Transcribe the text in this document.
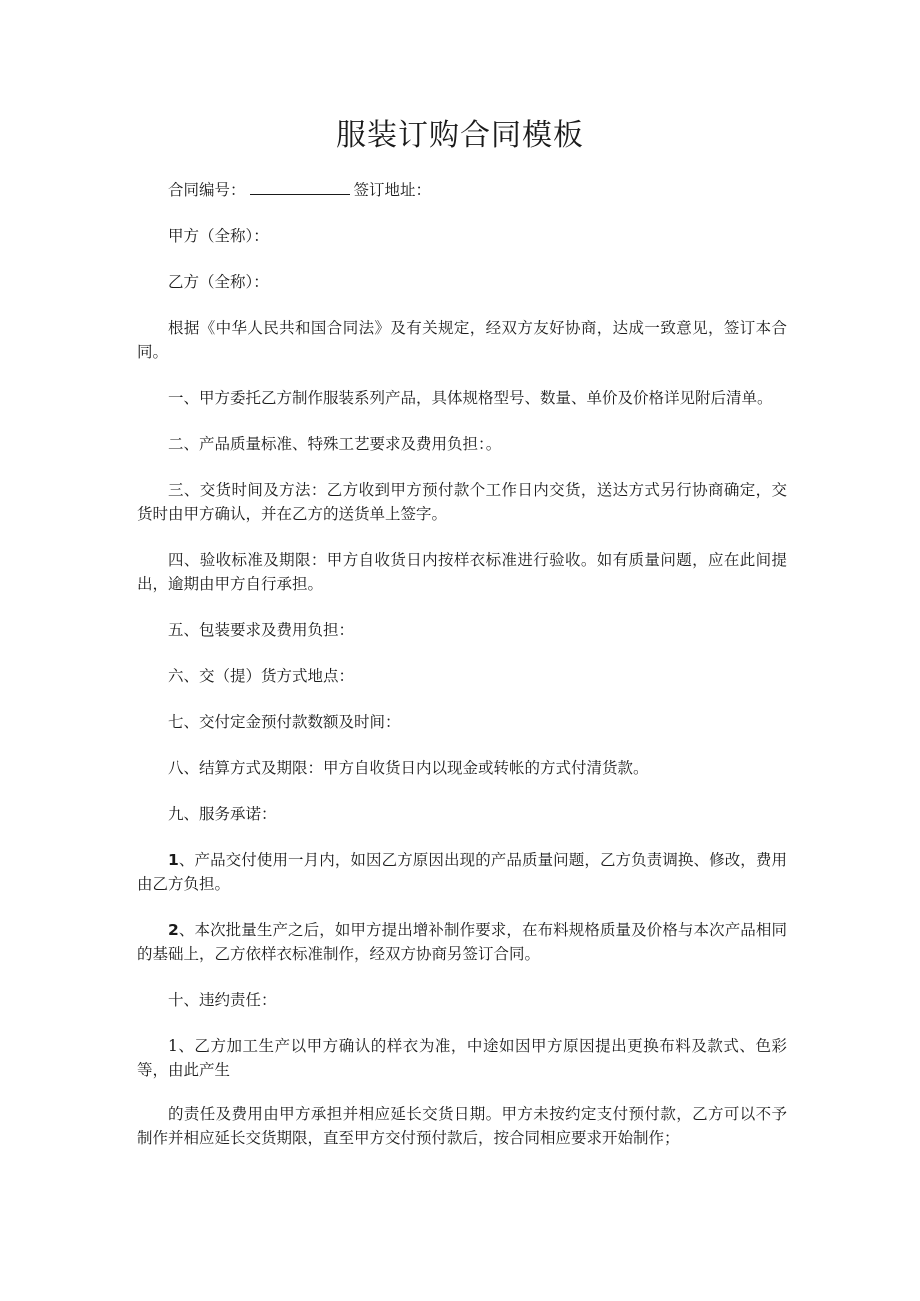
服装订购合同模板

合同编号：	签订地址：

甲方（全称）：

乙方（全称）：

根据《中华人民共和国合同法》及有关规定，经双方友好协商，达成一致意见，签订本合同。

一、甲方委托乙方制作服装系列产品，具体规格型号、数量、单价及价格详见附后清单。

二、产品质量标准、特殊工艺要求及费用负担：。

三、交货时间及方法：乙方收到甲方预付款个工作日内交货，送达方式另行协商确定，交货时由甲方确认，并在乙方的送货单上签字。

四、验收标准及期限：甲方自收货日内按样衣标准进行验收。如有质量问题，应在此间提出，逾期由甲方自行承担。

五、包装要求及费用负担：

六、交（提）货方式地点：

七、交付定金预付款数额及时间：

八、结算方式及期限：甲方自收货日内以现金或转帐的方式付清货款。

九、服务承诺：

1、产品交付使用一月内，如因乙方原因出现的产品质量问题，乙方负责调换、修改，费用由乙方负担。

2、本次批量生产之后，如甲方提出增补制作要求，在布料规格质量及价格与本次产品相同的基础上，乙方依样衣标准制作，经双方协商另签订合同。

十、违约责任：

1、乙方加工生产以甲方确认的样衣为准，中途如因甲方原因提出更换布料及款式、色彩等，由此产生

的责任及费用由甲方承担并相应延长交货日期。甲方未按约定支付预付款，乙方可以不予制作并相应延长交货期限，直至甲方交付预付款后，按合同相应要求开始制作；
